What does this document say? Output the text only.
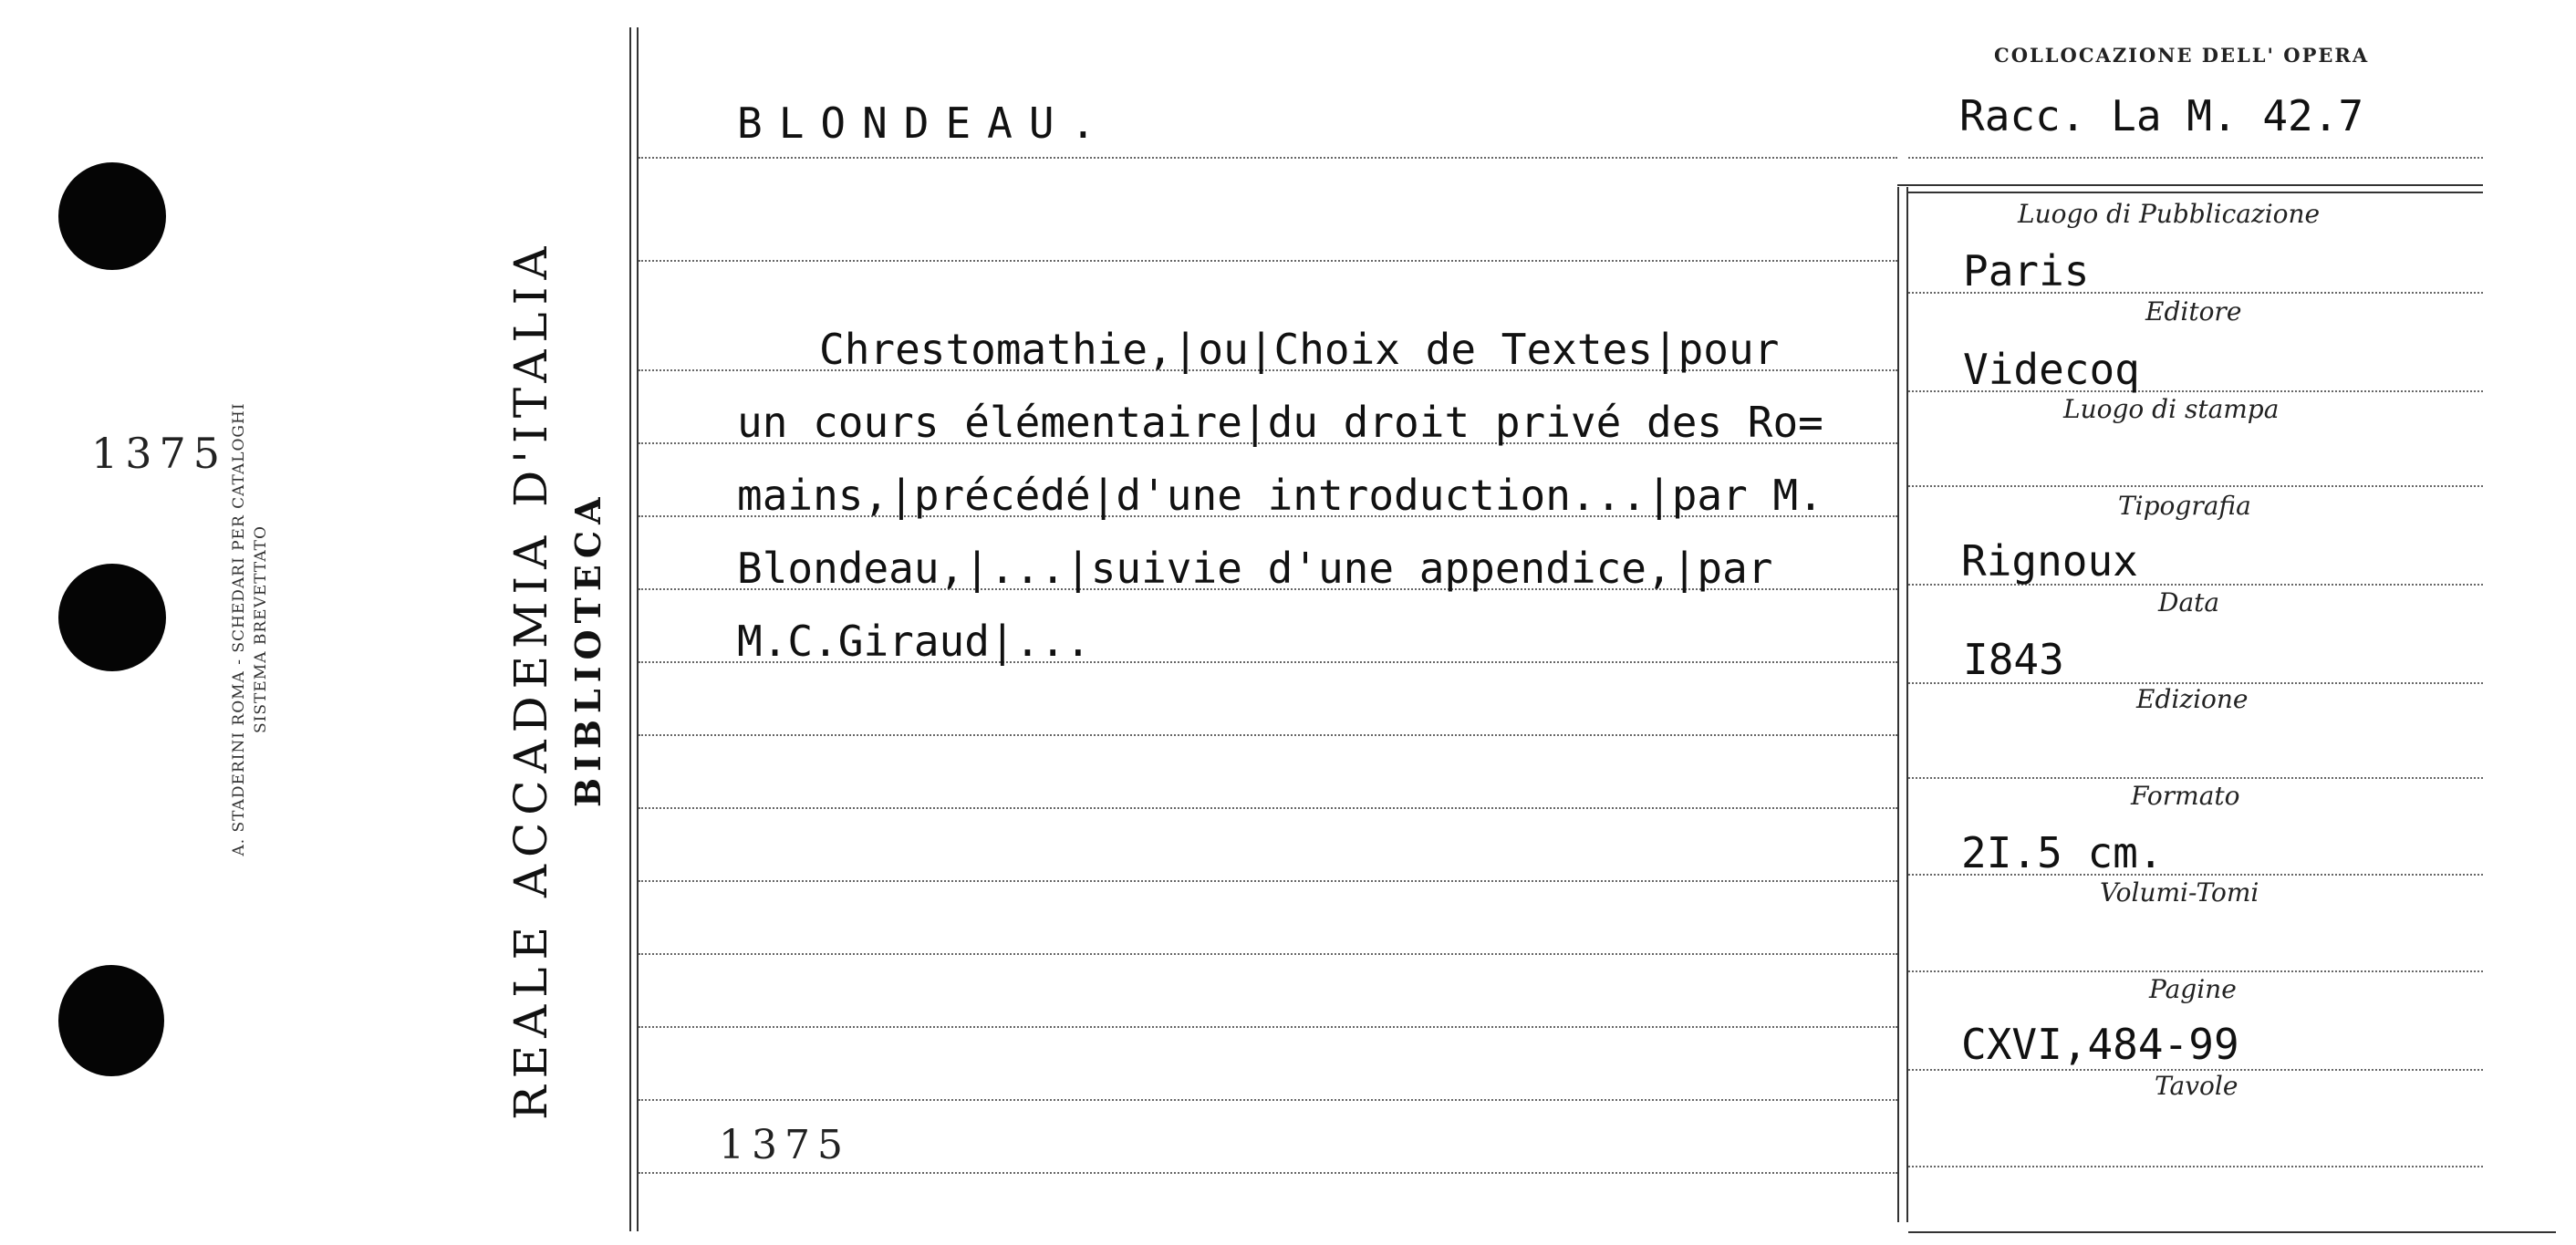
1375 A. STADERINI ROMA - SCHEDARI PER CATALOGHI SISTEMA BREVETTATO	REALE ACCADEMIA D'ITALIA BIBLIOTECA
BLONDEAU.
COLLOCAZIONE DELL' OPERA
Racc. La M. 42.7
Chrestomathie,|ou|Choix de Textes|pour
un cours élémentaire|du droit privé des Ro=
mains,|précédé|d'une introduction...|par M.
Blondeau,|...|suivie d'une appendice,|par
M.C.Giraud|...
Luogo di Pubblicazione
Paris
Editore
Videcoq
Luogo di stampa
Tipografia
Rignoux
Data
I843
Edizione
Formato
2I.5 cm.
Volumi-Tomi
Pagine
CXVI,484-99
Tavole
1375
